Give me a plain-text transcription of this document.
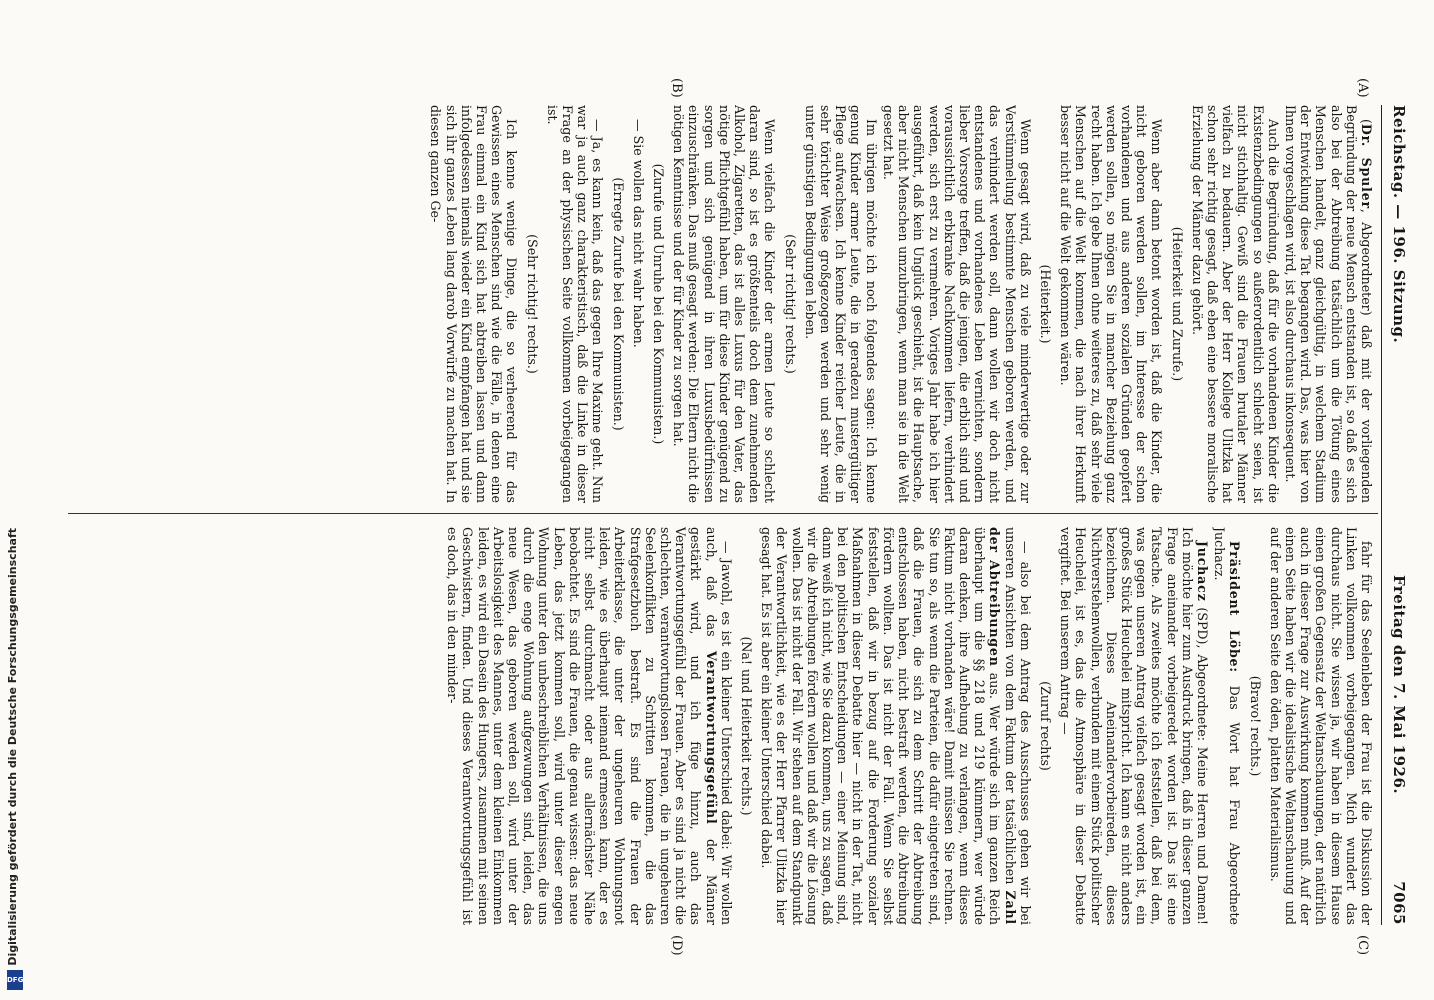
Reichstag. — 196. Sitzung.
Freitag den 7. Mai 1926.
7065
(A)
(B)
(C)
(D)

(Dr. Spuler, Abgeordneter) daß mit der vorliegenden Begründung der neue Mensch entstanden ist, so daß es sich also bei der Abtreibung tatsächlich um die Tötung eines Menschen handelt, ganz gleichgültig, in welchem Stadium der Entwicklung diese Tat begangen wird. Das, was hier von Ihnen vorgeschlagen wird, ist also durchaus inkonsequent.

Auch die Begründung, daß für die vorhandenen Kinder die Existenzbedingungen so außerordentlich schlecht seien, ist nicht stichhaltig. Gewiß sind die Frauen brutaler Männer vielfach zu bedauern. Aber der Herr Kollege Ulitzka hat schon sehr richtig gesagt, daß eben eine bessere moralische Erziehung der Männer dazu gehört.

(Heiterkeit und Zurufe.)

Wenn aber dann betont worden ist, daß die Kinder, die nicht geboren werden sollen, im Interesse der schon vorhandenen und aus anderen sozialen Gründen geopfert werden sollen, so mögen Sie in mancher Beziehung ganz recht haben. Ich gebe Ihnen ohne weiteres zu, daß sehr viele Menschen auf die Welt kommen, die nach ihrer Herkunft besser nicht auf die Welt gekommen wären.

(Heiterkeit.)

Wenn gesagt wird, daß zu viele minderwertige oder zur Verstümmelung bestimmte Menschen geboren werden, und das verhindert werden soll, dann wollen wir doch nicht entstandenes und vorhandenes Leben vernichten, sondern lieber Vorsorge treffen, daß die jenigen, die erblich sind und voraussichtlich erbkranke Nachkommen liefern, verhindert werden, sich erst zu vermehren. Voriges Jahr habe ich hier ausgeführt, daß kein Unglück geschieht, ist die Hauptsache, aber nicht Menschen umzubringen, wenn man sie in die Welt gesetzt hat.

Im übrigen möchte ich noch folgendes sagen: Ich kenne genug Kinder armer Leute, die in geradezu mustergültiger Pflege aufwachsen. Ich kenne Kinder reicher Leute, die in sehr törichter Weise großgezogen werden und sehr wenig unter günstigen Bedingungen leben.

(Sehr richtig! rechts.)

Wenn vielfach die Kinder der armen Leute so schlecht daran sind, so ist es größtenteils doch dem zunehmenden Alkohol, Zigaretten, das ist alles Luxus für den Vater, das nötige Pflichtgefühl haben, um für diese Kinder genügend zu sorgen und sich genügend in ihren Luxusbedürfnissen einzuschränken. Das muß gesagt werden: Die Eltern nicht die nötigen Kenntnisse und der für Kinder zu sorgen hat.

(Zurufe und Unruhe bei den Kommunisten.)

— Sie wollen das nicht wahr haben.

(Erregte Zurufe bei den Kommunisten.)

— Ja, es kann kein, daß das gegen Ihre Maxime geht. Nun war ja auch ganz charakteristisch, daß die Linke in dieser Frage an der physischen Seite vollkommen vorbeigegangen ist.

(Sehr richtig! rechts.)

Ich kenne wenige Dinge, die so verheerend für das Gewissen eines Menschen sind wie die Fälle, in denen eine Frau einmal ein Kind sich hat abtreiben lassen und dann infolgedessen niemals wieder ein Kind empfangen hat und sie sich ihr ganzes Leben lang darob Vorwürfe zu machen hat. In diesen ganzen Ge-

fahr für das Seelenleben der Frau ist die Diskussion der Linken vollkommen vorbeigegangen. Mich wundert das durchaus nicht. Sie wissen ja, wir haben in diesem Hause einen großen Gegensatz der Weltanschauungen, der natürlich auch in dieser Frage zur Auswirkung kommen muß. Auf der einen Seite haben wir die idealistische Weltanschauung und auf der anderen Seite den öden, platten Materialismus.

(Bravo! rechts.)

Präsident Löbe: Das Wort hat Frau Abgeordnete Juchacz.

Juchacz (SPD), Abgeordnete: Meine Herren und Damen! Ich möchte hier zum Ausdruck bringen, daß in dieser ganzen Frage aneinander vorbeigeredet worden ist. Das ist eine Tatsache. Als zweites möchte ich feststellen, daß bei dem, was gegen unseren Antrag vielfach gesagt worden ist, ein großes Stück Heuchelei mitspricht. Ich kann es nicht anders bezeichnen. Dieses Aneinandervorbeireden, dieses Nichtverstehenwollen, verbunden mit einem Stück politischer Heuchelei, ist es, das die Atmosphäre in dieser Debatte vergiftet. Bei unserem Antrag —

(Zuruf rechts)

— also bei dem Antrag des Ausschusses gehen wir bei unseren Ansichten von dem Faktum der tatsächlichen Zahl der Abtreibungen aus. Wer würde sich im ganzen Reich überhaupt um die §§ 218 und 219 kümmern, wer würde daran denken, ihre Aufhebung zu verlangen, wenn dieses Faktum nicht vorhanden wäre! Damit müssen Sie rechnen. Sie tun so, als wenn die Parteien, die dafür eingetreten sind, daß die Frauen, die sich zu dem Schritt der Abtreibung entschlossen haben, nicht bestraft werden, die Abtreibung fördern wollten. Das ist nicht der Fall. Wenn Sie selbst feststellen, daß wir in bezug auf die Forderung sozialer Maßnahmen in dieser Debatte hier — nicht in der Tat, nicht bei den politischen Entscheidungen — einer Meinung sind, dann weiß ich nicht, wie Sie dazu kommen, uns zu sagen, daß wir die Abtreibungen fördern wollen und daß wir die Lösung wollen. Das ist nicht der Fall. Wir stehen auf dem Standpunkt der Verantwortlichkeit, wie es der Herr Pfarrer Ulitzka hier gesagt hat. Es ist aber ein kleiner Unterschied dabei.

(Na! und Heiterkeit rechts.)

— Jawohl, es ist ein kleiner Unterschied dabei: Wir wollen auch, daß das Verantwortungsgefühl der Männer gestärkt wird, und ich füge hinzu, auch das Verantwortungsgefühl der Frauen. Aber es sind ja nicht die schlechten, verantwortungslosen Frauen, die in ungeheuren Seelenkonflikten zu Schritten kommen, die das Strafgesetzbuch bestraft. Es sind die Frauen der Arbeiterklasse, die unter der ungeheuren Wohnungsnot leiden, wie es überhaupt niemand ermessen kann, der es nicht selbst durchmacht oder aus allernächster Nähe beobachtet. Es sind die Frauen, die genau wissen: das neue Leben, das jetzt kommen soll, wird unter dieser engen Wohnung unter den unbeschreiblichen Verhältnissen, die uns durch die enge Wohnung aufgezwungen sind, leiden, das neue Wesen, das geboren werden soll, wird unter der Arbeitslosigkeit des Mannes, unter dem kleinen Einkommen leiden, es wird ein Dasein des Hungers, zusammen mit seinen Geschwistern, finden. Und dieses Verantwortungsgefühl ist es doch, das in den minder-

Digitalisierung gefördert durch die Deutsche Forschungsgemeinschaft
DFG
